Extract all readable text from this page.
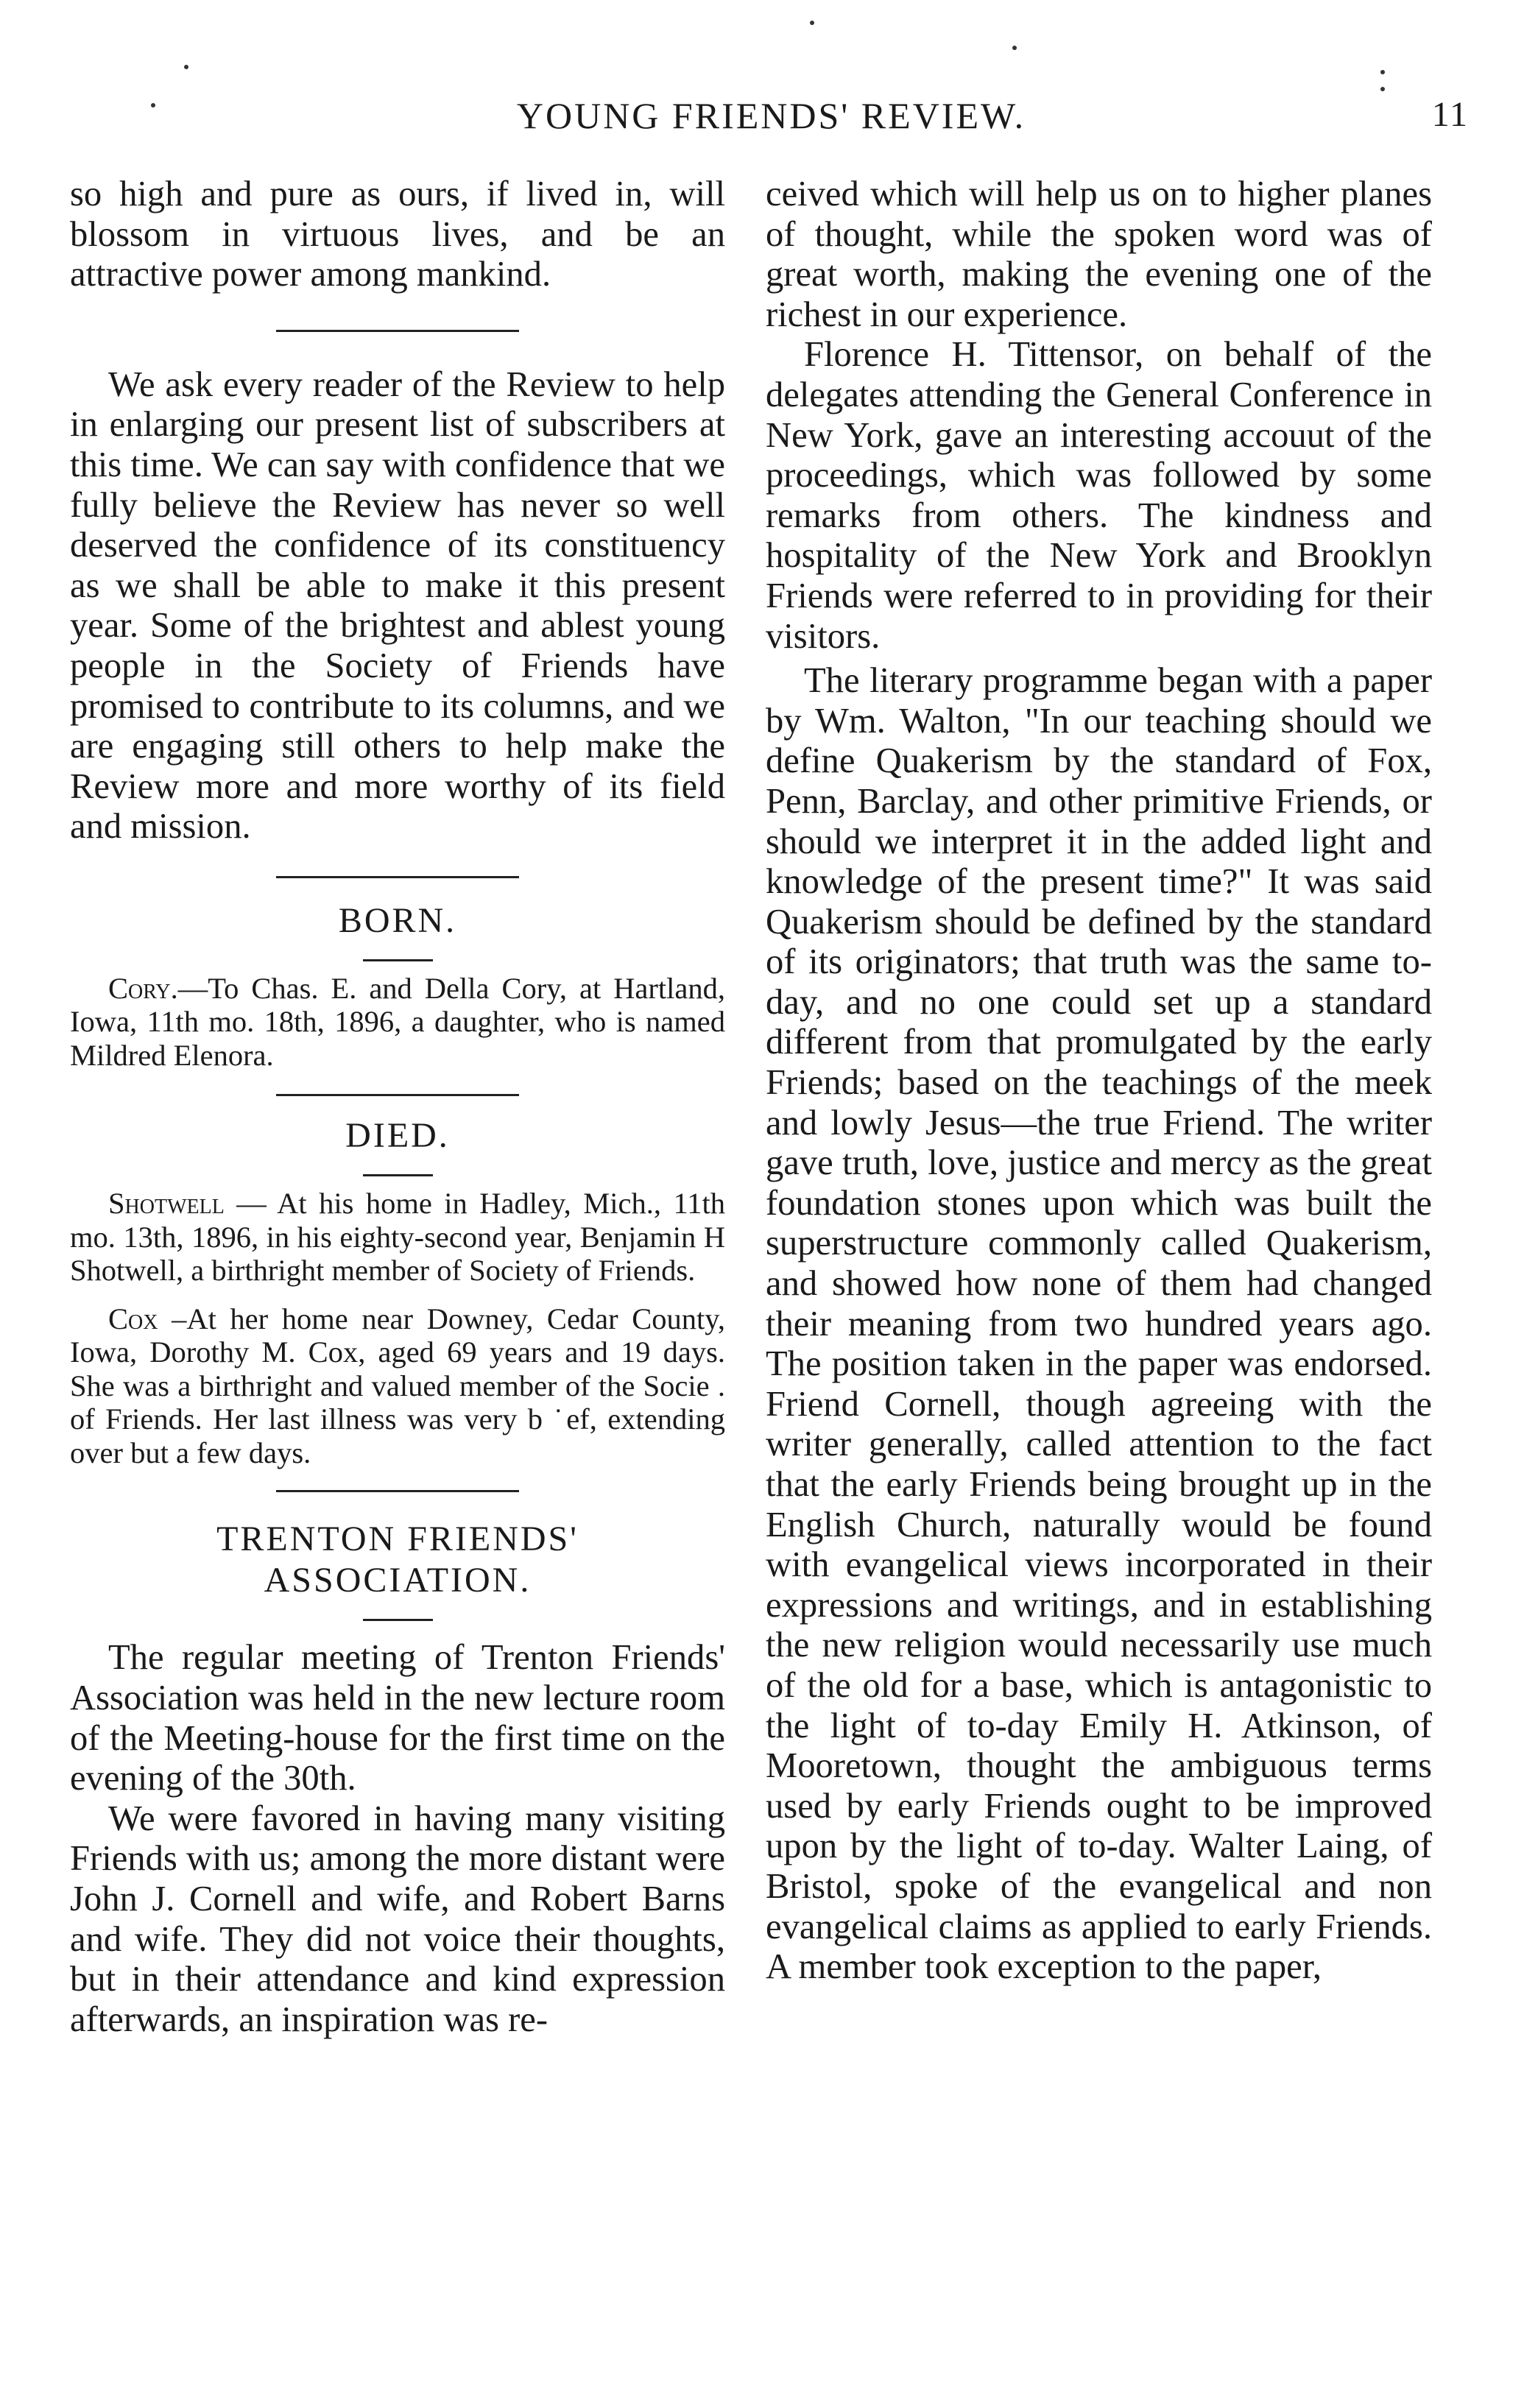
YOUNG FRIENDS' REVIEW.	11

so high and pure as ours, if lived in, will blossom in virtuous lives, and be an attractive power among mankind.

We ask every reader of the Review to help in enlarging our present list of subscribers at this time. We can say with confidence that we fully believe the Review has never so well deserved the confidence of its constituency as we shall be able to make it this present year. Some of the brightest and ablest young people in the Society of Friends have promised to contribute to its columns, and we are engaging still others to help make the Review more and more worthy of its field and mission.

BORN.

Cory.—To Chas. E. and Della Cory, at Hartland, Iowa, 11th mo. 18th, 1896, a daughter, who is named Mildred Elenora.

DIED.

Shotwell — At his home in Hadley, Mich., 11th mo. 13th, 1896, in his eighty-second year, Benjamin H Shotwell, a birthright member of Society of Friends.

Cox –At her home near Downey, Cedar County, Iowa, Dorothy M. Cox, aged 69 years and 19 days. She was a birthright and valued member of the Socie . of Friends. Her last illness was very b ˙ef, extending over but a few days.

TRENTON FRIENDS' ASSOCIATION.

The regular meeting of Trenton Friends' Association was held in the new lecture room of the Meeting-house for the first time on the evening of the 30th.

We were favored in having many visiting Friends with us; among the more distant were John J. Cornell and wife, and Robert Barns and wife. They did not voice their thoughts, but in their attendance and kind expression afterwards, an inspiration was re-

ceived which will help us on to higher planes of thought, while the spoken word was of great worth, making the evening one of the richest in our experience.

Florence H. Tittensor, on behalf of the delegates attending the General Conference in New York, gave an interesting accouut of the proceedings, which was followed by some remarks from others. The kindness and hospitality of the New York and Brooklyn Friends were referred to in providing for their visitors.

The literary programme began with a paper by Wm. Walton, "In our teaching should we define Quakerism by the standard of Fox, Penn, Barclay, and other primitive Friends, or should we interpret it in the added light and knowledge of the present time?" It was said Quakerism should be defined by the standard of its originators; that truth was the same to-day, and no one could set up a standard different from that promulgated by the early Friends; based on the teachings of the meek and lowly Jesus—the true Friend. The writer gave truth, love, justice and mercy as the great foundation stones upon which was built the superstructure commonly called Quakerism, and showed how none of them had changed their meaning from two hundred years ago. The position taken in the paper was endorsed. Friend Cornell, though agreeing with the writer generally, called attention to the fact that the early Friends being brought up in the English Church, naturally would be found with evangelical views incorporated in their expressions and writings, and in establishing the new religion would necessarily use much of the old for a base, which is antagonistic to the light of to-day Emily H. Atkinson, of Mooretown, thought the ambiguous terms used by early Friends ought to be improved upon by the light of to-day. Walter Laing, of Bristol, spoke of the evangelical and non evangelical claims as applied to early Friends. A member took exception to the paper,
